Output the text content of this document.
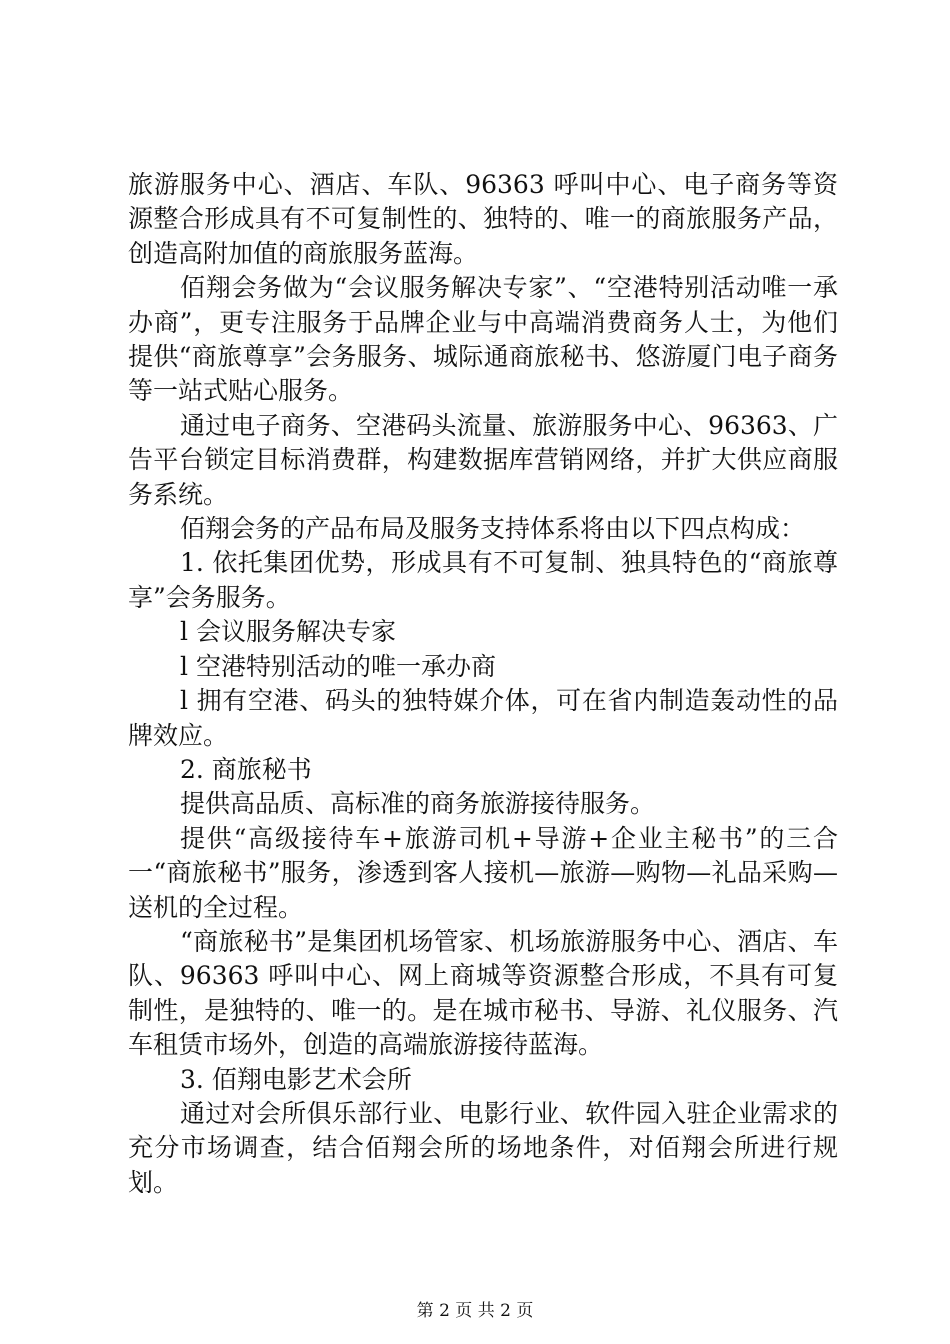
旅游服务中心、酒店、车队、96363 呼叫中心、电子商务等资源整合形成具有不可复制性的、独特的、唯一的商旅服务产品，创造高附加值的商旅服务蓝海。

佰翔会务做为“会议服务解决专家”、“空港特别活动唯一承办商”，更专注服务于品牌企业与中高端消费商务人士，为他们提供“商旅尊享”会务服务、城际通商旅秘书、悠游厦门电子商务等一站式贴心服务。

通过电子商务、空港码头流量、旅游服务中心、96363、广告平台锁定目标消费群，构建数据库营销网络，并扩大供应商服务系统。

佰翔会务的产品布局及服务支持体系将由以下四点构成：

1. 依托集团优势，形成具有不可复制、独具特色的“商旅尊享”会务服务。

l 会议服务解决专家

l 空港特别活动的唯一承办商

l 拥有空港、码头的独特媒介体，可在省内制造轰动性的品牌效应。

2. 商旅秘书

提供高品质、高标准的商务旅游接待服务。

提供“高级接待车+旅游司机+导游+企业主秘书”的三合一“商旅秘书”服务，渗透到客人接机—旅游—购物—礼品采购—送机的全过程。

“商旅秘书”是集团机场管家、机场旅游服务中心、酒店、车队、96363 呼叫中心、网上商城等资源整合形成，不具有可复制性，是独特的、唯一的。是在城市秘书、导游、礼仪服务、汽车租赁市场外，创造的高端旅游接待蓝海。

3. 佰翔电影艺术会所

通过对会所俱乐部行业、电影行业、软件园入驻企业需求的充分市场调查，结合佰翔会所的场地条件，对佰翔会所进行规划。

第 2 页 共 2 页
